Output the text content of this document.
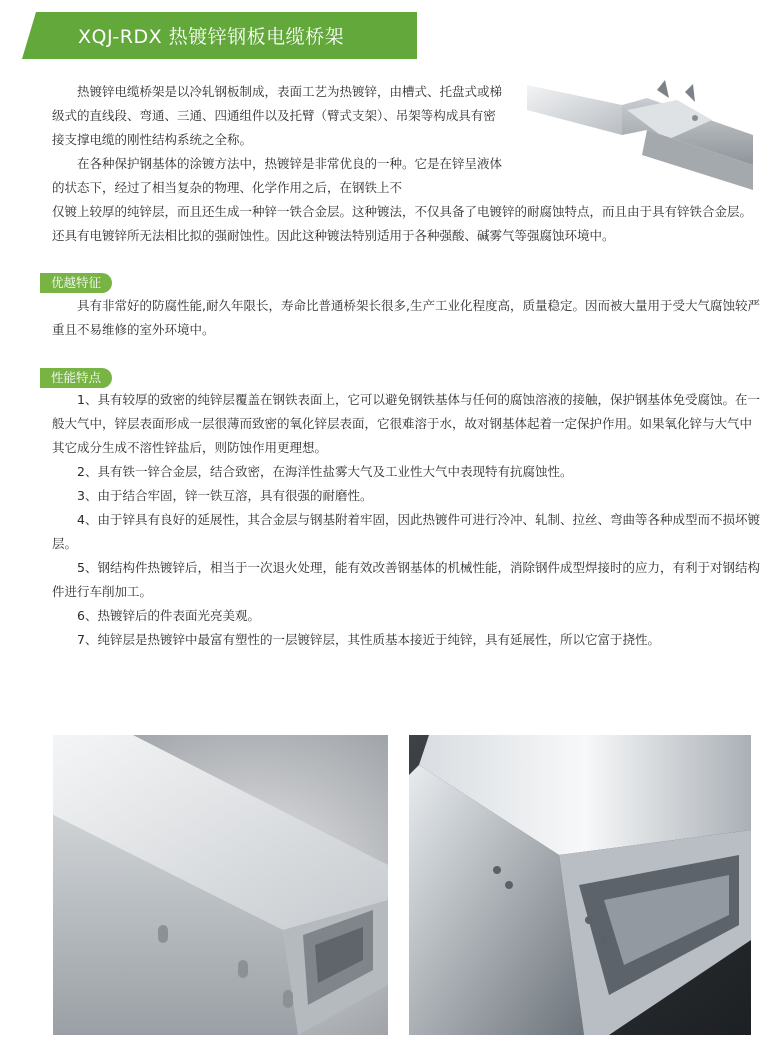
XQJ-RDX 热镀锌钢板电缆桥架

热镀锌电缆桥架是以冷轧钢板制成，表面工艺为热镀锌，由槽式、托盘式或梯级式的直线段、弯通、三通、四通组件以及托臂（臂式支架）、吊架等构成具有密接支撑电缆的刚性结构系统之全称。

在各种保护钢基体的涂镀方法中，热镀锌是非常优良的一种。它是在锌呈液体的状态下，经过了相当复杂的物理、化学作用之后，在钢铁上不

仅镀上较厚的纯锌层，而且还生成一种锌一铁合金层。这种镀法，不仅具备了电镀锌的耐腐蚀特点，而且由于具有锌铁合金层。还具有电镀锌所无法相比拟的强耐蚀性。因此这种镀法特别适用于各种强酸、碱雾气等强腐蚀环境中。

优越特征

具有非常好的防腐性能,耐久年限长，寿命比普通桥架长很多,生产工业化程度高，质量稳定。因而被大量用于受大气腐蚀较严重且不易维修的室外环境中。

性能特点

1、具有较厚的致密的纯锌层覆盖在钢铁表面上，它可以避免钢铁基体与任何的腐蚀溶液的接触，保护钢基体免受腐蚀。在一般大气中，锌层表面形成一层很薄而致密的氧化锌层表面，它很难溶于水，故对钢基体起着一定保护作用。如果氧化锌与大气中其它成分生成不溶性锌盐后，则防蚀作用更理想。

2、具有铁一锌合金层，结合致密，在海洋性盐雾大气及工业性大气中表现特有抗腐蚀性。

3、由于结合牢固，锌一铁互溶，具有很强的耐磨性。

4、由于锌具有良好的延展性，其合金层与钢基附着牢固，因此热镀件可进行冷冲、轧制、拉丝、弯曲等各种成型而不损坏镀层。

5、钢结构件热镀锌后，相当于一次退火处理，能有效改善钢基体的机械性能，消除钢件成型焊接时的应力，有利于对钢结构件进行车削加工。

6、热镀锌后的件表面光亮美观。

7、纯锌层是热镀锌中最富有塑性的一层镀锌层，其性质基本接近于纯锌，具有延展性，所以它富于挠性。
